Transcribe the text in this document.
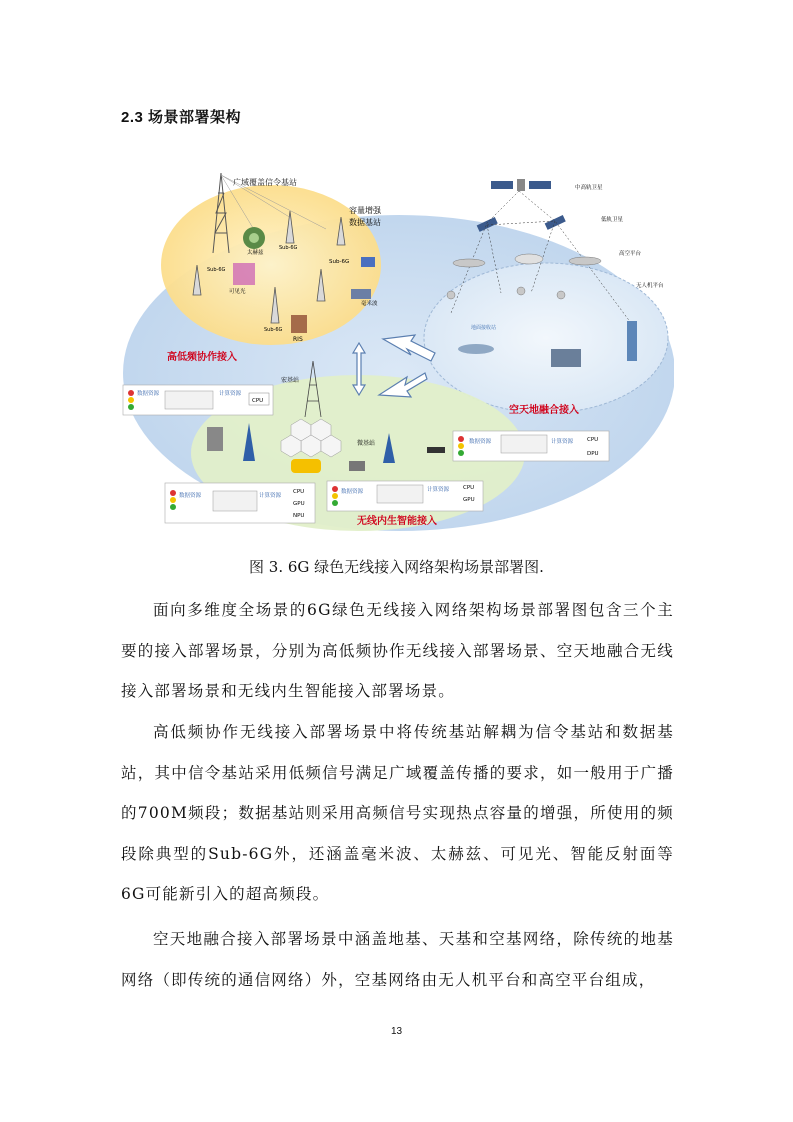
2.3 场景部署架构
广域覆盖信令基站
容量增强
数据基站
太赫兹
Sub-6G
Sub-6G
Sub-6G
可见光
毫米波
Sub-6G
RIS
高低频协作接入
中高轨卫星
低轨卫星
高空平台
无人机平台
地面接收站
空天地融合接入
宏基站
微基站
无线内生智能接入
数据资源	计算资源
CPU
数据资源	计算资源
CPU
GPU
NPU
数据资源	计算资源	CPU
GPU
数据资源	计算资源	CPU
DPU
图 3. 6G 绿色无线接入网络架构场景部署图.
面向多维度全场景的6G绿色无线接入网络架构场景部署图包含三个主要的接入部署场景，分别为高低频协作无线接入部署场景、空天地融合无线接入部署场景和无线内生智能接入部署场景。
高低频协作无线接入部署场景中将传统基站解耦为信令基站和数据基站，其中信令基站采用低频信号满足广域覆盖传播的要求，如一般用于广播的700M频段；数据基站则采用高频信号实现热点容量的增强，所使用的频段除典型的Sub-6G外，还涵盖毫米波、太赫兹、可见光、智能反射面等6G可能新引入的超高频段。
空天地融合接入部署场景中涵盖地基、天基和空基网络，除传统的地基网络（即传统的通信网络）外，空基网络由无人机平台和高空平台组成，
13
